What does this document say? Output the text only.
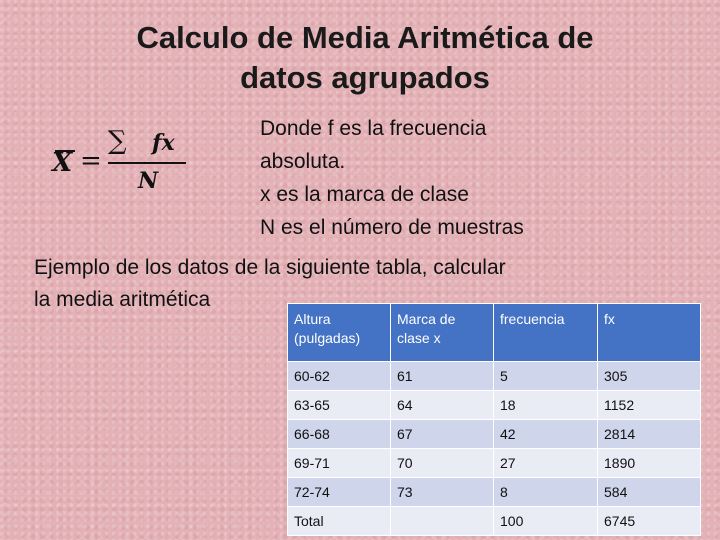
Calculo de Media Aritmética de
datos agrupados
X =
∑ fx
N
Donde f es la frecuencia
absoluta.
x es la marca de clase
N es el número de muestras
Ejemplo de los datos de la siguiente tabla, calcular
la media aritmética
Altura (pulgadas)	Marca de clase x	frecuencia	fx
60-62	61	5	305
63-65	64	18	1152
66-68	67	42	2814
69-71	70	27	1890
72-74	73	8	584
Total		100	6745
